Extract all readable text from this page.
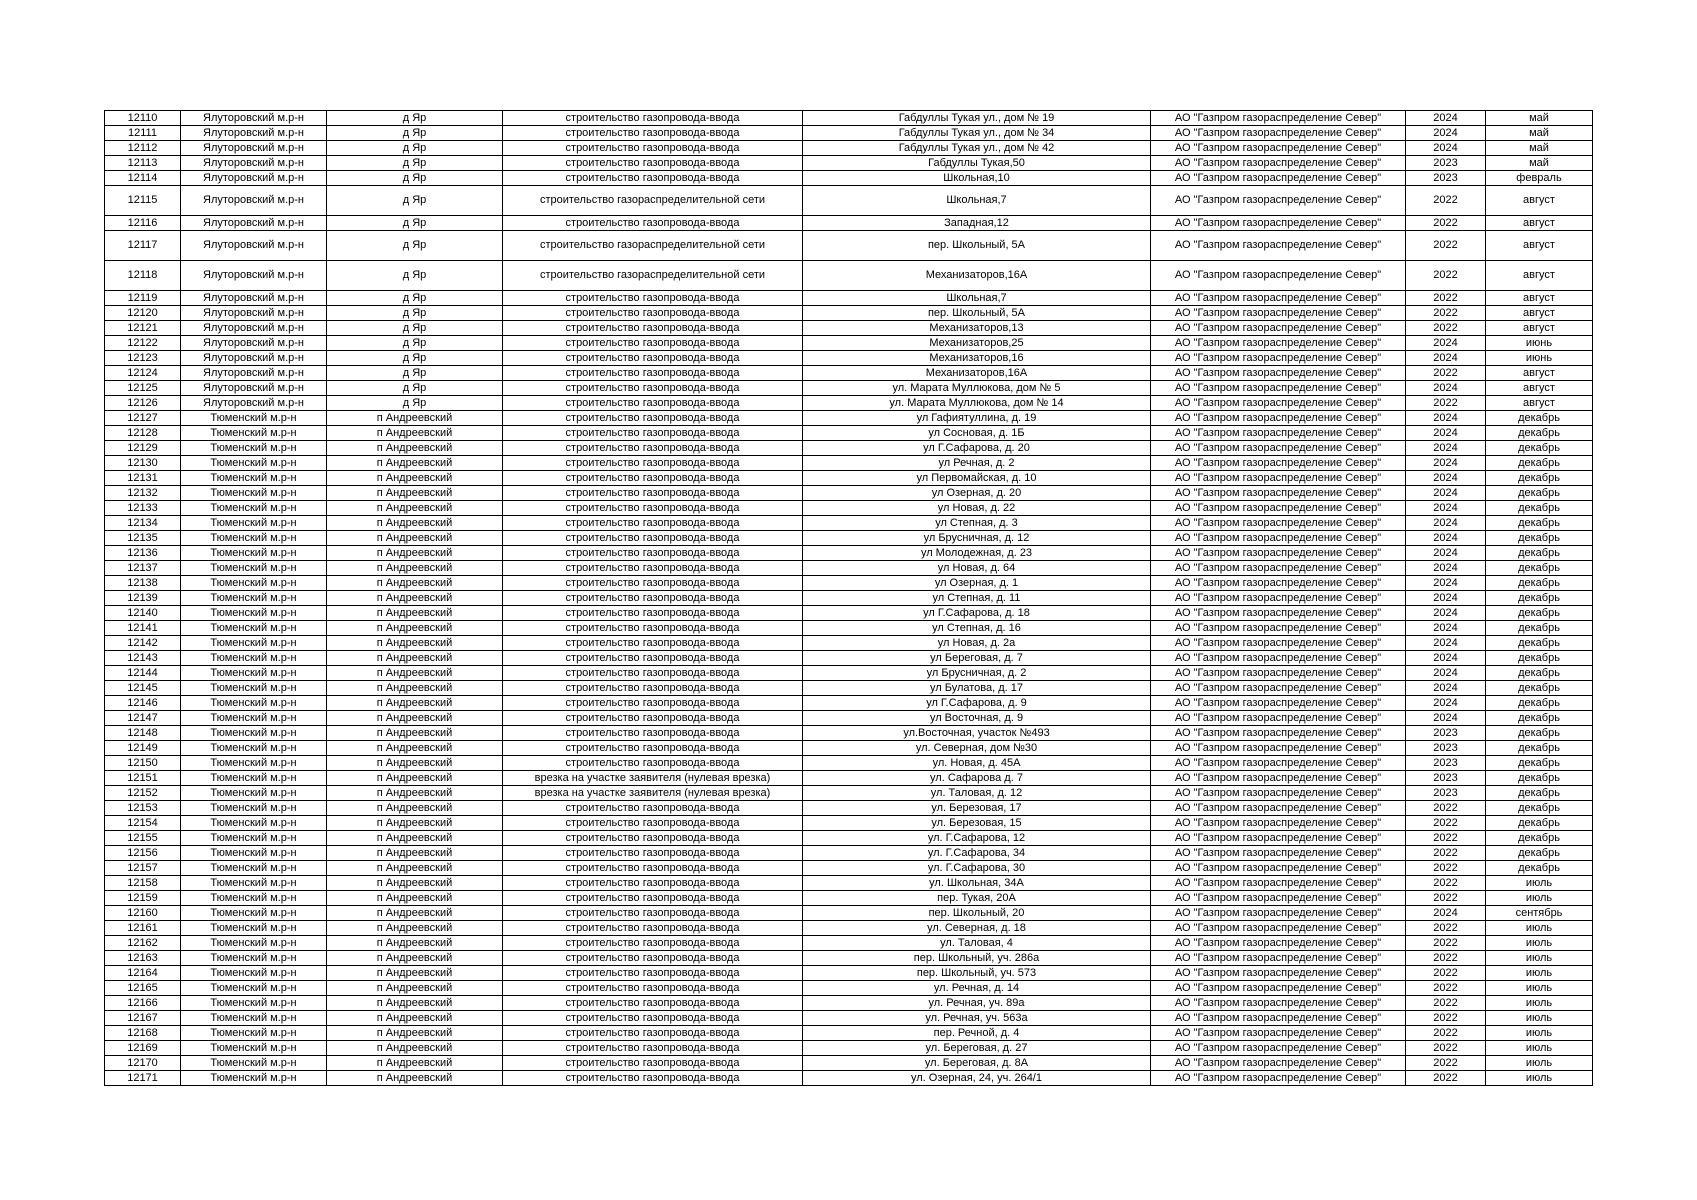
12110	Ялуторовский м.р-н	д Яр	строительство газопровода-ввода	Габдуллы Тукая ул., дом № 19	АО "Газпром газораспределение Север"	2024	май
12111	Ялуторовский м.р-н	д Яр	строительство газопровода-ввода	Габдуллы Тукая ул., дом № 34	АО "Газпром газораспределение Север"	2024	май
12112	Ялуторовский м.р-н	д Яр	строительство газопровода-ввода	Габдуллы Тукая ул., дом № 42	АО "Газпром газораспределение Север"	2024	май
12113	Ялуторовский м.р-н	д Яр	строительство газопровода-ввода	Габдуллы Тукая,50	АО "Газпром газораспределение Север"	2023	май
12114	Ялуторовский м.р-н	д Яр	строительство газопровода-ввода	Школьная,10	АО "Газпром газораспределение Север"	2023	февраль
12115	Ялуторовский м.р-н	д Яр	строительство газораспределительной сети	Школьная,7	АО "Газпром газораспределение Север"	2022	август
12116	Ялуторовский м.р-н	д Яр	строительство газопровода-ввода	Западная,12	АО "Газпром газораспределение Север"	2022	август
12117	Ялуторовский м.р-н	д Яр	строительство газораспределительной сети	пер. Школьный, 5А	АО "Газпром газораспределение Север"	2022	август
12118	Ялуторовский м.р-н	д Яр	строительство газораспределительной сети	Механизаторов,16А	АО "Газпром газораспределение Север"	2022	август
12119	Ялуторовский м.р-н	д Яр	строительство газопровода-ввода	Школьная,7	АО "Газпром газораспределение Север"	2022	август
12120	Ялуторовский м.р-н	д Яр	строительство газопровода-ввода	пер. Школьный, 5А	АО "Газпром газораспределение Север"	2022	август
12121	Ялуторовский м.р-н	д Яр	строительство газопровода-ввода	Механизаторов,13	АО "Газпром газораспределение Север"	2022	август
12122	Ялуторовский м.р-н	д Яр	строительство газопровода-ввода	Механизаторов,25	АО "Газпром газораспределение Север"	2024	июнь
12123	Ялуторовский м.р-н	д Яр	строительство газопровода-ввода	Механизаторов,16	АО "Газпром газораспределение Север"	2024	июнь
12124	Ялуторовский м.р-н	д Яр	строительство газопровода-ввода	Механизаторов,16А	АО "Газпром газораспределение Север"	2022	август
12125	Ялуторовский м.р-н	д Яр	строительство газопровода-ввода	ул. Марата Муллюкова, дом № 5	АО "Газпром газораспределение Север"	2024	август
12126	Ялуторовский м.р-н	д Яр	строительство газопровода-ввода	ул. Марата Муллюкова, дом № 14	АО "Газпром газораспределение Север"	2022	август
12127	Тюменский м.р-н	п Андреевский	строительство газопровода-ввода	ул Гафиятуллина, д. 19	АО "Газпром газораспределение Север"	2024	декабрь
12128	Тюменский м.р-н	п Андреевский	строительство газопровода-ввода	ул Сосновая, д. 1Б	АО "Газпром газораспределение Север"	2024	декабрь
12129	Тюменский м.р-н	п Андреевский	строительство газопровода-ввода	ул Г.Сафарова, д. 20	АО "Газпром газораспределение Север"	2024	декабрь
12130	Тюменский м.р-н	п Андреевский	строительство газопровода-ввода	ул Речная, д. 2	АО "Газпром газораспределение Север"	2024	декабрь
12131	Тюменский м.р-н	п Андреевский	строительство газопровода-ввода	ул Первомайская, д. 10	АО "Газпром газораспределение Север"	2024	декабрь
12132	Тюменский м.р-н	п Андреевский	строительство газопровода-ввода	ул Озерная, д. 20	АО "Газпром газораспределение Север"	2024	декабрь
12133	Тюменский м.р-н	п Андреевский	строительство газопровода-ввода	ул Новая, д. 22	АО "Газпром газораспределение Север"	2024	декабрь
12134	Тюменский м.р-н	п Андреевский	строительство газопровода-ввода	ул Степная, д. 3	АО "Газпром газораспределение Север"	2024	декабрь
12135	Тюменский м.р-н	п Андреевский	строительство газопровода-ввода	ул Брусничная, д. 12	АО "Газпром газораспределение Север"	2024	декабрь
12136	Тюменский м.р-н	п Андреевский	строительство газопровода-ввода	ул Молодежная, д. 23	АО "Газпром газораспределение Север"	2024	декабрь
12137	Тюменский м.р-н	п Андреевский	строительство газопровода-ввода	ул Новая, д. 64	АО "Газпром газораспределение Север"	2024	декабрь
12138	Тюменский м.р-н	п Андреевский	строительство газопровода-ввода	ул Озерная, д. 1	АО "Газпром газораспределение Север"	2024	декабрь
12139	Тюменский м.р-н	п Андреевский	строительство газопровода-ввода	ул Степная, д. 11	АО "Газпром газораспределение Север"	2024	декабрь
12140	Тюменский м.р-н	п Андреевский	строительство газопровода-ввода	ул Г.Сафарова, д. 18	АО "Газпром газораспределение Север"	2024	декабрь
12141	Тюменский м.р-н	п Андреевский	строительство газопровода-ввода	ул Степная, д. 16	АО "Газпром газораспределение Север"	2024	декабрь
12142	Тюменский м.р-н	п Андреевский	строительство газопровода-ввода	ул Новая, д. 2а	АО "Газпром газораспределение Север"	2024	декабрь
12143	Тюменский м.р-н	п Андреевский	строительство газопровода-ввода	ул Береговая, д. 7	АО "Газпром газораспределение Север"	2024	декабрь
12144	Тюменский м.р-н	п Андреевский	строительство газопровода-ввода	ул Брусничная, д. 2	АО "Газпром газораспределение Север"	2024	декабрь
12145	Тюменский м.р-н	п Андреевский	строительство газопровода-ввода	ул Булатова, д. 17	АО "Газпром газораспределение Север"	2024	декабрь
12146	Тюменский м.р-н	п Андреевский	строительство газопровода-ввода	ул Г.Сафарова, д. 9	АО "Газпром газораспределение Север"	2024	декабрь
12147	Тюменский м.р-н	п Андреевский	строительство газопровода-ввода	ул Восточная, д. 9	АО "Газпром газораспределение Север"	2024	декабрь
12148	Тюменский м.р-н	п Андреевский	строительство газопровода-ввода	ул.Восточная, участок №493	АО "Газпром газораспределение Север"	2023	декабрь
12149	Тюменский м.р-н	п Андреевский	строительство газопровода-ввода	ул. Северная, дом №30	АО "Газпром газораспределение Север"	2023	декабрь
12150	Тюменский м.р-н	п Андреевский	строительство газопровода-ввода	ул. Новая, д. 45А	АО "Газпром газораспределение Север"	2023	декабрь
12151	Тюменский м.р-н	п Андреевский	врезка на участке заявителя (нулевая врезка)	ул. Сафарова д. 7	АО "Газпром газораспределение Север"	2023	декабрь
12152	Тюменский м.р-н	п Андреевский	врезка на участке заявителя (нулевая врезка)	ул. Таловая, д. 12	АО "Газпром газораспределение Север"	2023	декабрь
12153	Тюменский м.р-н	п Андреевский	строительство газопровода-ввода	ул. Березовая, 17	АО "Газпром газораспределение Север"	2022	декабрь
12154	Тюменский м.р-н	п Андреевский	строительство газопровода-ввода	ул. Березовая, 15	АО "Газпром газораспределение Север"	2022	декабрь
12155	Тюменский м.р-н	п Андреевский	строительство газопровода-ввода	ул. Г.Сафарова, 12	АО "Газпром газораспределение Север"	2022	декабрь
12156	Тюменский м.р-н	п Андреевский	строительство газопровода-ввода	ул. Г.Сафарова, 34	АО "Газпром газораспределение Север"	2022	декабрь
12157	Тюменский м.р-н	п Андреевский	строительство газопровода-ввода	ул. Г.Сафарова, 30	АО "Газпром газораспределение Север"	2022	декабрь
12158	Тюменский м.р-н	п Андреевский	строительство газопровода-ввода	ул. Школьная, 34А	АО "Газпром газораспределение Север"	2022	июль
12159	Тюменский м.р-н	п Андреевский	строительство газопровода-ввода	пер. Тукая, 20А	АО "Газпром газораспределение Север"	2022	июль
12160	Тюменский м.р-н	п Андреевский	строительство газопровода-ввода	пер. Школьный, 20	АО "Газпром газораспределение Север"	2024	сентябрь
12161	Тюменский м.р-н	п Андреевский	строительство газопровода-ввода	ул. Северная, д. 18	АО "Газпром газораспределение Север"	2022	июль
12162	Тюменский м.р-н	п Андреевский	строительство газопровода-ввода	ул. Таловая, 4	АО "Газпром газораспределение Север"	2022	июль
12163	Тюменский м.р-н	п Андреевский	строительство газопровода-ввода	пер. Школьный, уч. 286а	АО "Газпром газораспределение Север"	2022	июль
12164	Тюменский м.р-н	п Андреевский	строительство газопровода-ввода	пер. Школьный, уч. 573	АО "Газпром газораспределение Север"	2022	июль
12165	Тюменский м.р-н	п Андреевский	строительство газопровода-ввода	ул. Речная, д. 14	АО "Газпром газораспределение Север"	2022	июль
12166	Тюменский м.р-н	п Андреевский	строительство газопровода-ввода	ул. Речная, уч. 89а	АО "Газпром газораспределение Север"	2022	июль
12167	Тюменский м.р-н	п Андреевский	строительство газопровода-ввода	ул. Речная, уч. 563а	АО "Газпром газораспределение Север"	2022	июль
12168	Тюменский м.р-н	п Андреевский	строительство газопровода-ввода	пер. Речной, д. 4	АО "Газпром газораспределение Север"	2022	июль
12169	Тюменский м.р-н	п Андреевский	строительство газопровода-ввода	ул. Береговая, д. 27	АО "Газпром газораспределение Север"	2022	июль
12170	Тюменский м.р-н	п Андреевский	строительство газопровода-ввода	ул. Береговая, д. 8А	АО "Газпром газораспределение Север"	2022	июль
12171	Тюменский м.р-н	п Андреевский	строительство газопровода-ввода	ул. Озерная, 24, уч. 264/1	АО "Газпром газораспределение Север"	2022	июль
